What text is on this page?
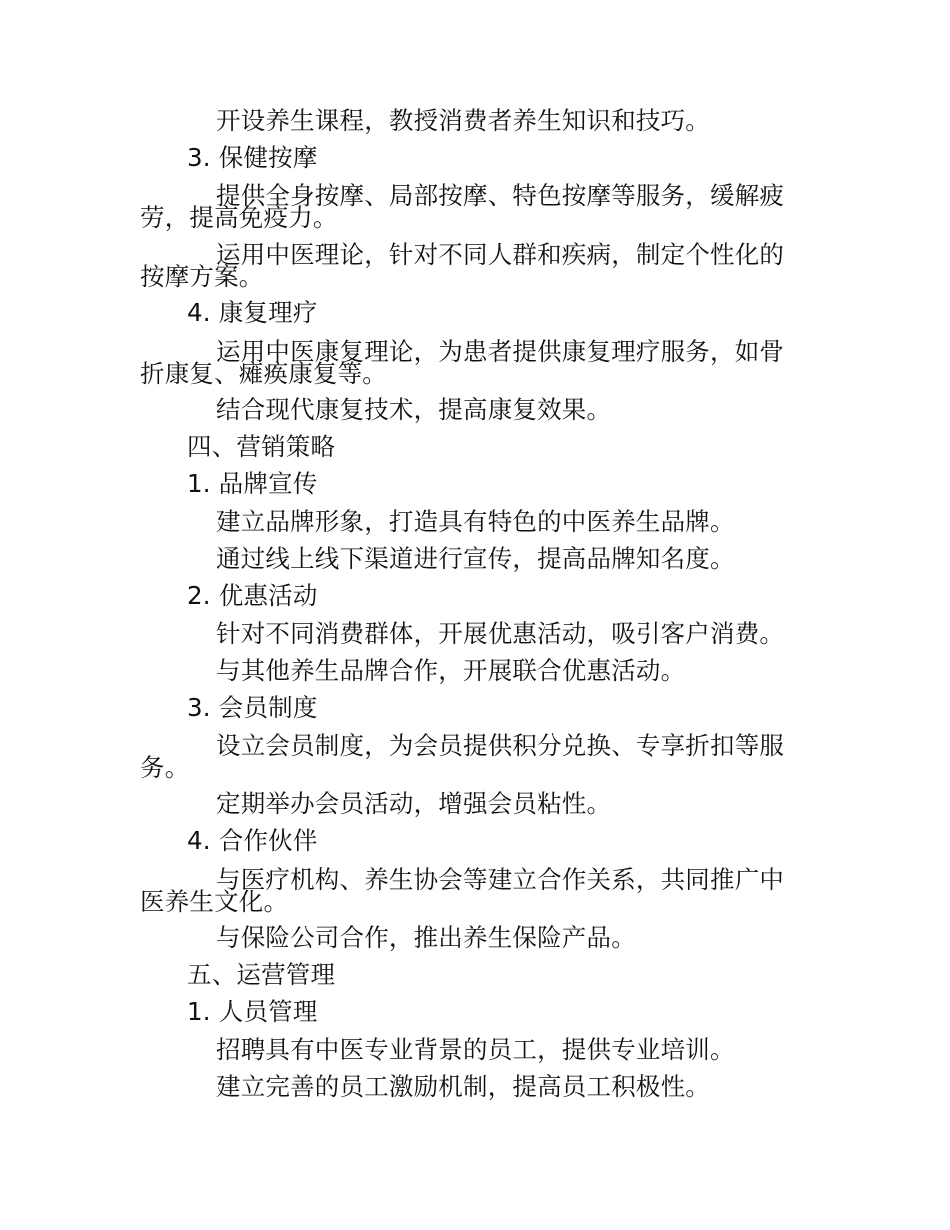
开设养生课程，教授消费者养生知识和技巧。
3. 保健按摩
提供全身按摩、局部按摩、特色按摩等服务，缓解疲劳，提高免疫力。
运用中医理论，针对不同人群和疾病，制定个性化的按摩方案。
4. 康复理疗
运用中医康复理论，为患者提供康复理疗服务，如骨折康复、瘫痪康复等。
结合现代康复技术，提高康复效果。
四、营销策略
1. 品牌宣传
建立品牌形象，打造具有特色的中医养生品牌。
通过线上线下渠道进行宣传，提高品牌知名度。
2. 优惠活动
针对不同消费群体，开展优惠活动，吸引客户消费。
与其他养生品牌合作，开展联合优惠活动。
3. 会员制度
设立会员制度，为会员提供积分兑换、专享折扣等服务。
定期举办会员活动，增强会员粘性。
4. 合作伙伴
与医疗机构、养生协会等建立合作关系，共同推广中医养生文化。
与保险公司合作，推出养生保险产品。
五、运营管理
1. 人员管理
招聘具有中医专业背景的员工，提供专业培训。
建立完善的员工激励机制，提高员工积极性。
